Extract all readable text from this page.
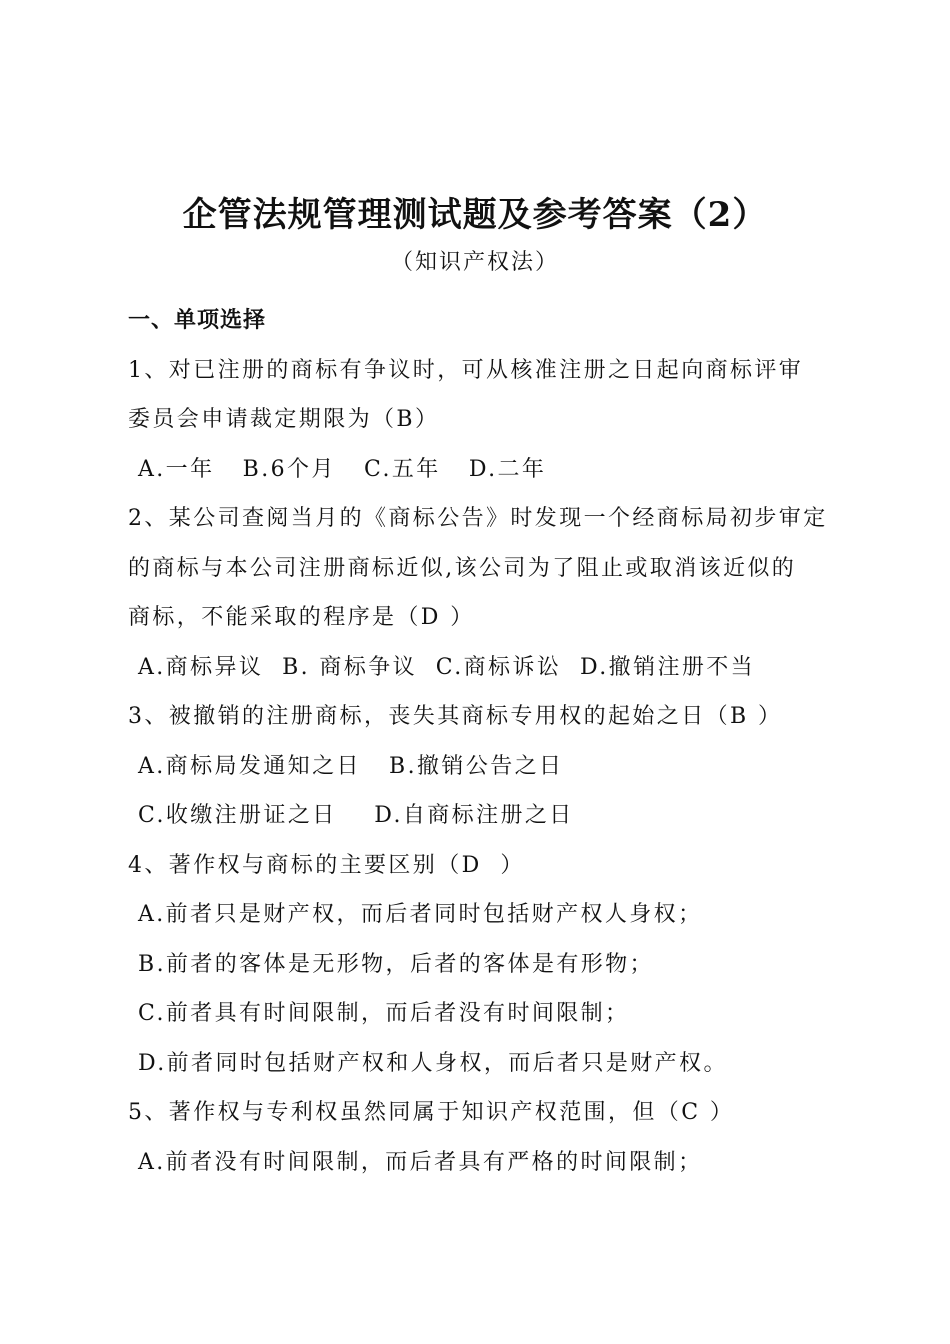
企管法规管理测试题及参考答案（2）
（知识产权法）
一、单项选择
1、对已注册的商标有争议时，可从核准注册之日起向商标评审
委员会申请裁定期限为（B）
A.一年   B.6个月   C.五年   D.二年
2、某公司查阅当月的《商标公告》时发现一个经商标局初步审定
的商标与本公司注册商标近似,该公司为了阻止或取消该近似的
商标，不能采取的程序是（D ）
A.商标异议  B. 商标争议  C.商标诉讼  D.撤销注册不当
3、被撤销的注册商标，丧失其商标专用权的起始之日（B ）
A.商标局发通知之日   B.撤销公告之日
C.收缴注册证之日    D.自商标注册之日
4、著作权与商标的主要区别（D  ）
A.前者只是财产权，而后者同时包括财产权人身权；
B.前者的客体是无形物，后者的客体是有形物；
C.前者具有时间限制，而后者没有时间限制；
D.前者同时包括财产权和人身权，而后者只是财产权。
5、著作权与专利权虽然同属于知识产权范围，但（C ）
A.前者没有时间限制，而后者具有严格的时间限制；
